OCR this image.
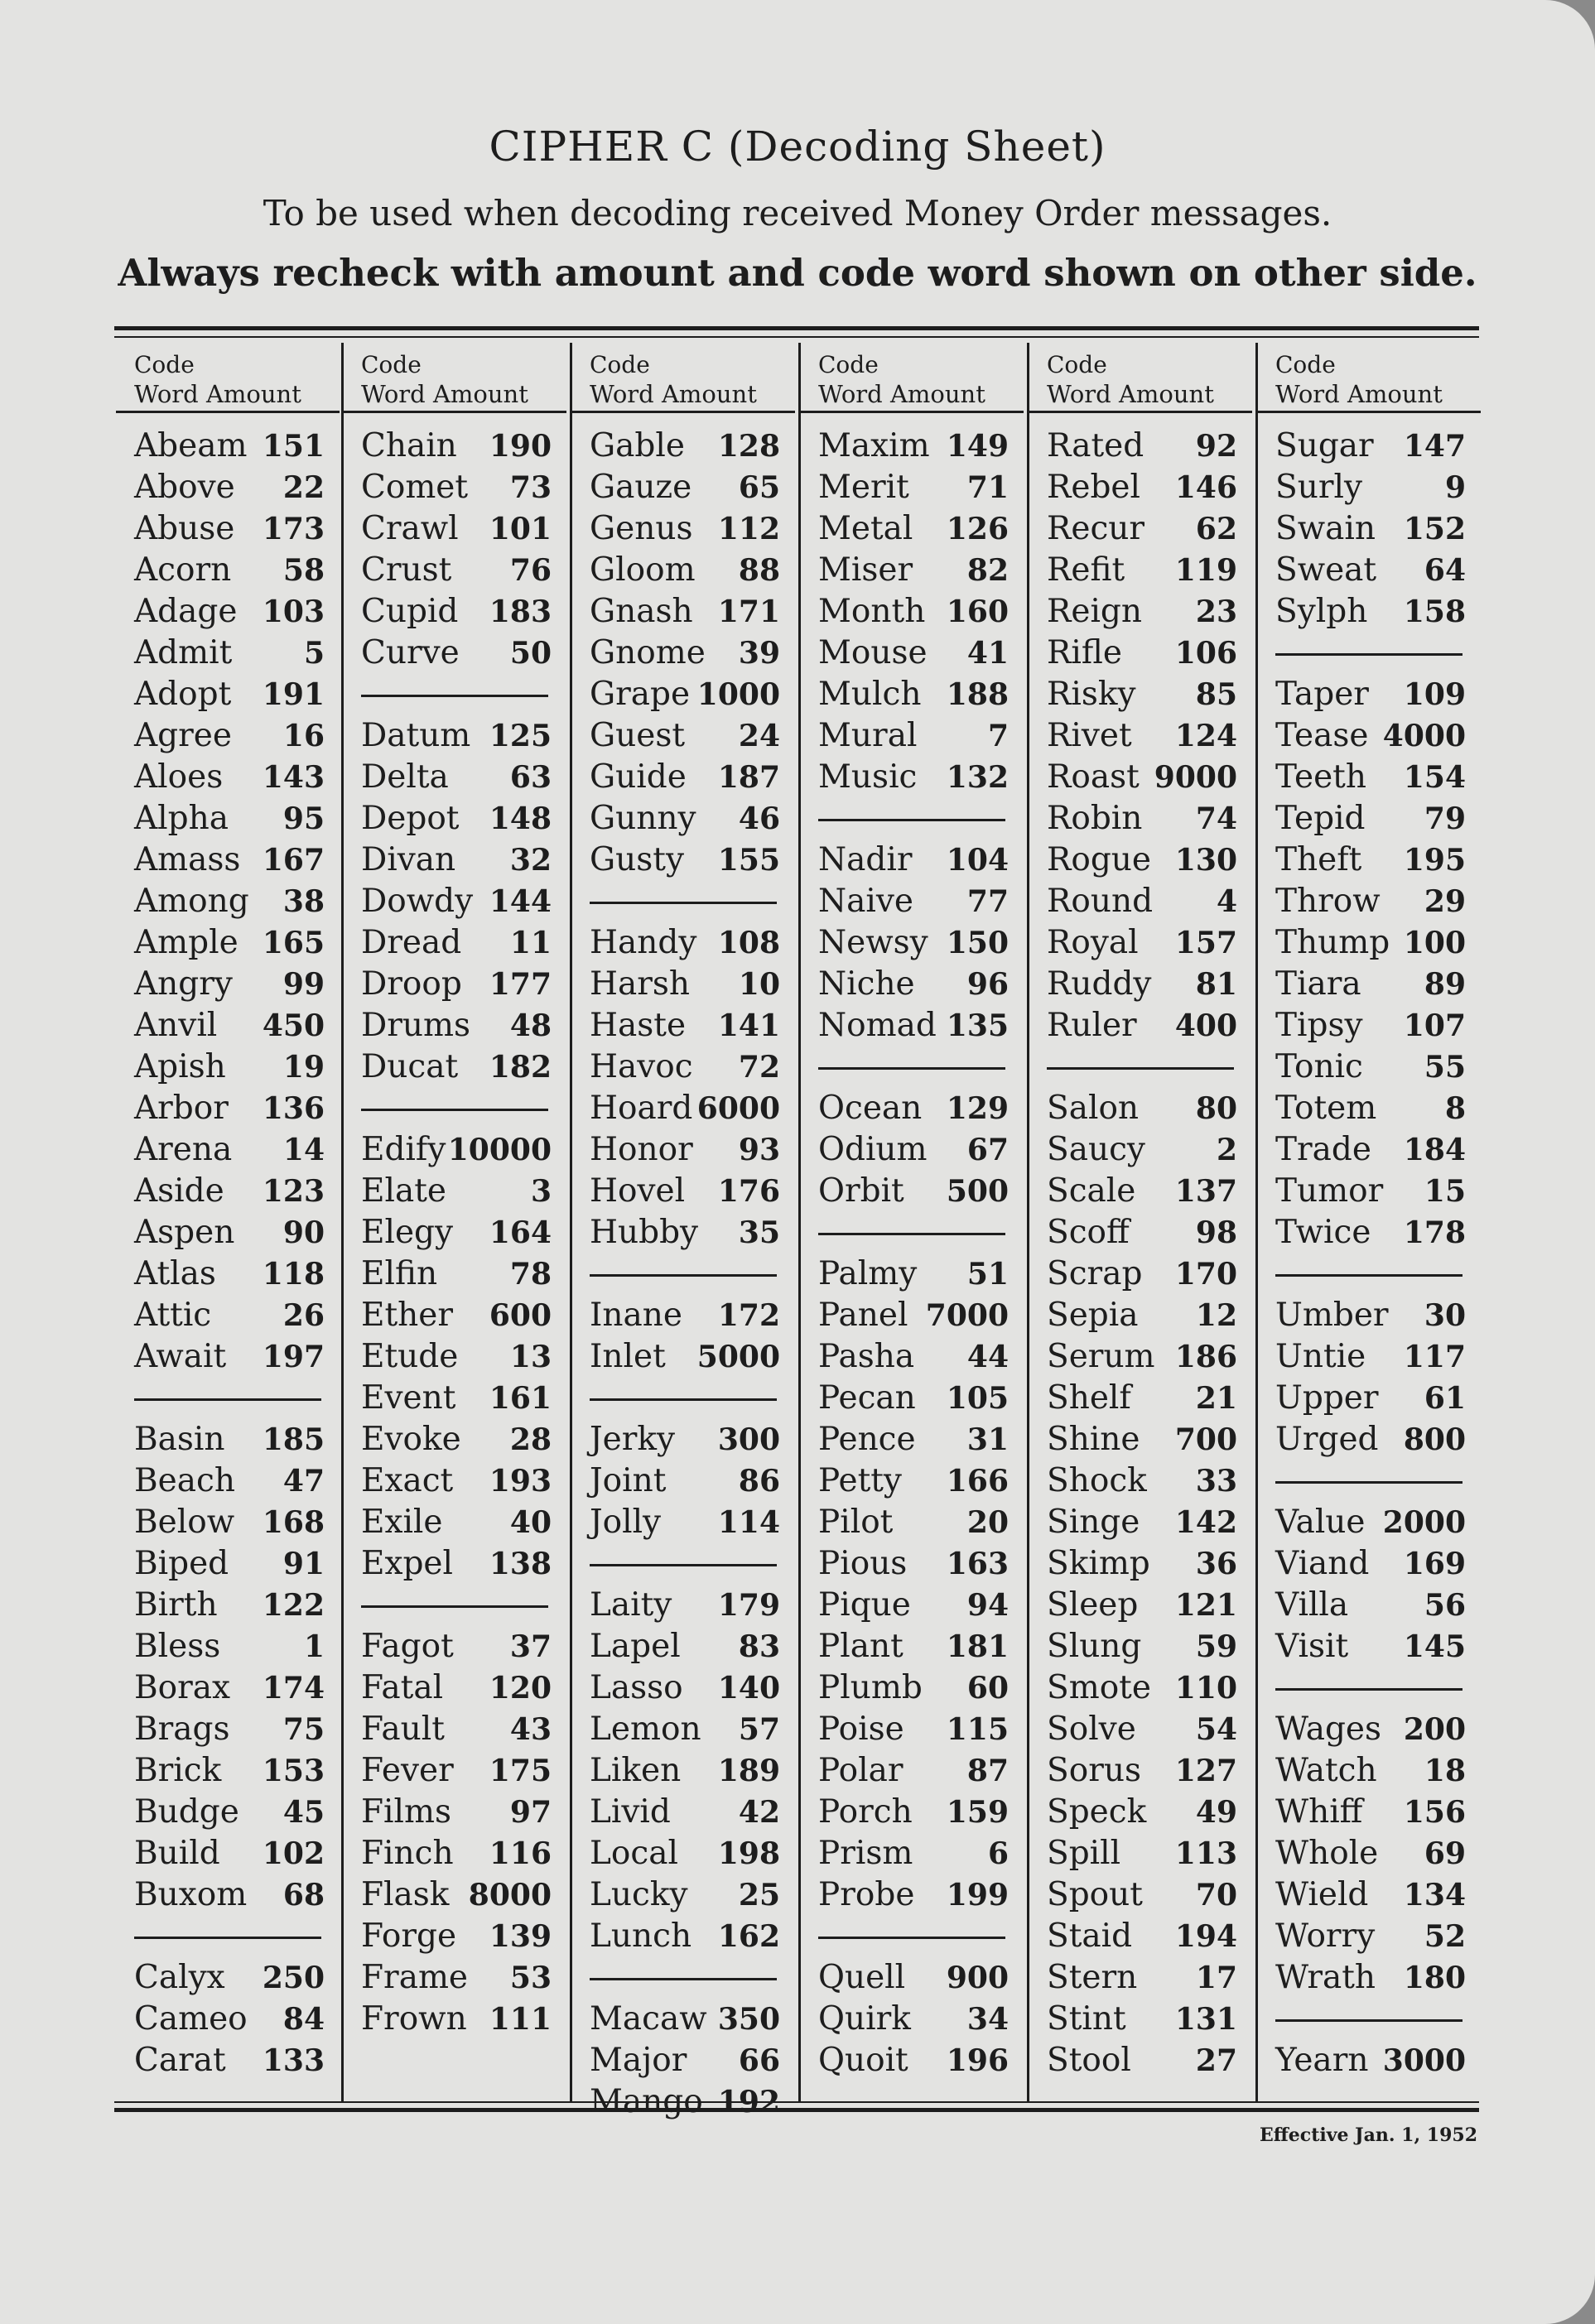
CIPHER C (Decoding Sheet)
To be used when decoding received Money Order messages.
Always recheck with amount and code word shown on other side.
Code
Word Amount
Abeam 151
Above 22
Abuse 173
Acorn 58
Adage 103
Admit 5
Adopt 191
Agree 16
Aloes 143
Alpha 95
Amass 167
Among 38
Ample 165
Angry 99
Anvil 450
Apish 19
Arbor 136
Arena 14
Aside 123
Aspen 90
Atlas 118
Attic 26
Await 197
Basin 185
Beach 47
Below 168
Biped 91
Birth 122
Bless	1
Borax 174
Brags 75
Brick 153
Budge 45
Build 102
Buxom 68
Calyx 250
Cameo 84
Carat 133
Code
Word Amount
Chain 190
Comet 73
Crawl 101
Crust 76
Cupid 183
Curve 50
Datum 125
Delta 63
Depot 148
Divan 32
Dowdy 144
Dread 11
Droop 177
Drums 48
Ducat 182
Edify 10000
Elate	3
Elegy 164
Elfin 78
Ether 600
Etude 13
Event 161
Evoke 28
Exact 193
Exile 40
Expel 138
Fagot 37
Fatal 120
Fault 43
Fever 175
Films 97
Finch 116
Flask 8000
Forge 139
Frame 53
Frown 111
Code
Word Amount
Gable 128
Gauze 65
Genus 112
Gloom 88
Gnash 171
Gnome 39
Grape 1000
Guest 24
Guide 187
Gunny 46
Gusty 155
Handy 108
Harsh 10
Haste 141
Havoc 72
Hoard 6000
Honor 93
Hovel 176
Hubby 35
Inane 172
Inlet 5000
Jerky 300
Joint 86
Jolly 114
Laity 179
Lapel 83
Lasso 140
Lemon 57
Liken 189
Livid 42
Local 198
Lucky 25
Lunch 162
Macaw 350
Major 66
Mango 192
Code
Word Amount
Maxim 149
Merit 71
Metal 126
Miser 82
Month 160
Mouse 41
Mulch 188
Mural 7
Music 132
Nadir 104
Naive 77
Newsy 150
Niche 96
Nomad 135
Ocean 129
Odium 67
Orbit 500
Palmy 51
Panel 7000
Pasha 44
Pecan 105
Pence 31
Petty 166
Pilot 20
Pious 163
Pique 94
Plant 181
Plumb 60
Poise 115
Polar 87
Porch 159
Prism	6
Probe 199
Quell 900
Quirk 34
Quoit 196
Code
Word Amount
Rated 92
Rebel 146
Recur 62
Refit 119
Reign 23
Rifle 106
Risky 85
Rivet 124
Roast 9000
Robin 74
Rogue 130
Round 4
Royal 157
Ruddy 81
Ruler 400
Salon 80
Saucy 2
Scale 137
Scoff 98
Scrap 170
Sepia 12
Serum 186
Shelf 21
Shine 700
Shock 33
Singe 142
Skimp 36
Sleep 121
Slung 59
Smote 110
Solve 54
Sorus 127
Speck 49
Spill 113
Spout 70
Staid 194
Stern 17
Stint 131
Stool 27
Code
Word Amount
Sugar 147
Surly	9
Swain 152
Sweat 64
Sylph 158
Taper 109
Tease 4000
Teeth 154
Tepid 79
Theft 195
Throw 29
Thump 100
Tiara 89
Tipsy 107
Tonic 55
Totem 8
Trade 184
Tumor 15
Twice 178
Umber 30
Untie 117
Upper 61
Urged 800
Value 2000
Viand 169
Villa	56
Visit 145
Wages 200
Watch 18
Whiff 156
Whole 69
Wield 134
Worry 52
Wrath 180
Yearn 3000
Effective Jan. 1, 1952
